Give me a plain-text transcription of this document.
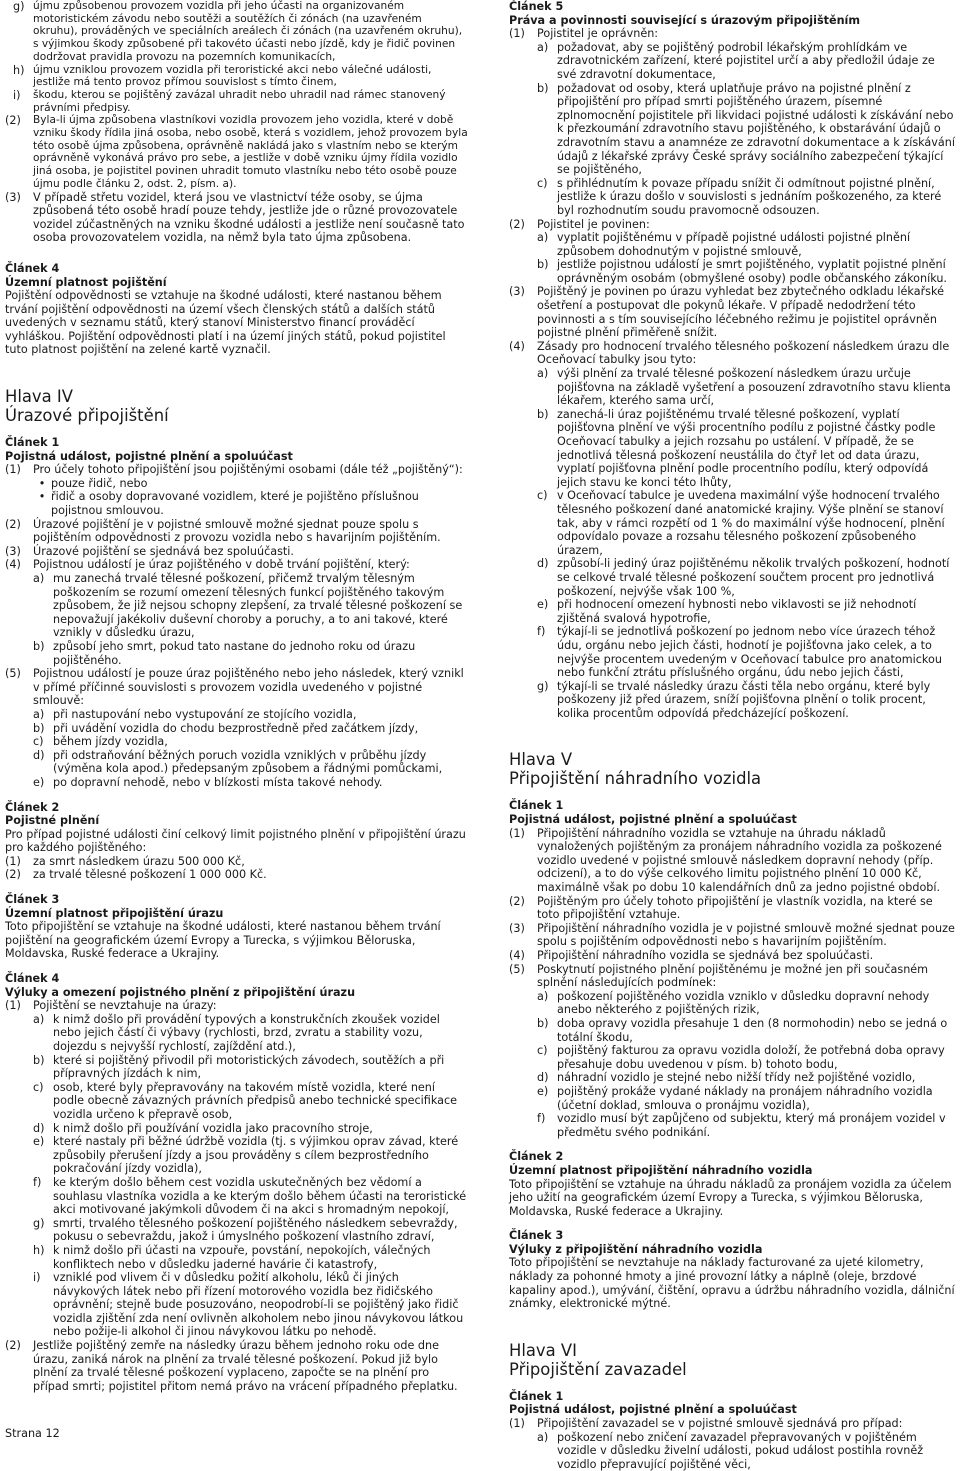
g) újmu způsobenou provozem vozidla při jeho účasti na organizovaném motoristickém závodu nebo soutěži a soutěžích či zónách (na uzavřeném okruhu), prováděných ve speciálních areálech či zónách (na uzavřeném okruhu), s výjimkou škody způsobené při takovéto účasti nebo jízdě, kdy je řidič povinen dodržovat pravidla provozu na pozemních komunikacích,
h) újmu vzniklou provozem vozidla při teroristické akci nebo válečné události, jestliže má tento provoz přímou souvislost s tímto činem,
i)	škodu, kterou se pojištěný zavázal uhradit nebo uhradil nad rámec stanovený právními předpisy.
(2)	Byla-li újma způsobena vlastníkovi vozidla provozem jeho vozidla, které v době vzniku škody řídila jiná osoba, nebo osobě, která s vozidlem, jehož provozem byla této osobě újma způsobena, oprávněně nakládá jako s vlastním nebo se kterým oprávněně vykonává právo pro sebe, a jestliže v době vzniku újmy řídila vozidlo jiná osoba, je pojistitel povinen uhradit tomuto vlastníku nebo této osobě pouze újmu podle článku 2, odst. 2, písm. a).
(3)	V případě střetu vozidel, která jsou ve vlastnictví téže osoby, se újma způsobená této osobě hradí pouze tehdy, jestliže jde o různé provozovatele vozidel zúčastněných na vzniku škodné události a jestliže není současně tato osoba provozovatelem vozidla, na němž byla tato újma způsobena.

Článek 4

Územní platnost pojištění

Pojištění odpovědnosti se vztahuje na škodné události, které nastanou během trvání pojištění odpovědnosti na území všech členských států a dalších států uvedených v seznamu států, který stanoví Ministerstvo financí prováděcí vyhláškou. Pojištění odpovědnosti platí i na území jiných států, pokud pojistitel tuto platnost pojištění na zelené kartě vyznačil.

Hlava IV
Úrazové připojištění

Článek 1

Pojistná událost, pojistné plnění a spoluúčast

(1)	Pro účely tohoto připojištění jsou pojištěnými osobami (dále též „pojištěný“):
• pouze řidič, nebo
• řidič a osoby dopravované vozidlem, které je pojištěno příslušnou pojistnou smlouvou.
(2)	Úrazové pojištění je v pojistné smlouvě možné sjednat pouze spolu s pojištěním odpovědnosti z provozu vozidla nebo s havarijním pojištěním.
(3)	Úrazové pojištění se sjednává bez spoluúčasti.
(4)	Pojistnou událostí je úraz pojištěného v době trvání pojištění, který:
a) mu zanechá trvalé tělesné poškození, přičemž trvalým tělesným poškozením se rozumí omezení tělesných funkcí pojištěného takovým způsobem, že již nejsou schopny zlepšení, za trvalé tělesné poškození se nepovažují jakékoliv duševní choroby a poruchy, a to ani takové, které vznikly v důsledku úrazu,
b) způsobí jeho smrt, pokud tato nastane do jednoho roku od úrazu pojištěného.
(5)	Pojistnou událostí je pouze úraz pojištěného nebo jeho následek, který vznikl v přímé příčinné souvislosti s provozem vozidla uvedeného v pojistné smlouvě:
a) při nastupování nebo vystupování ze stojícího vozidla,
b) při uvádění vozidla do chodu bezprostředně před začátkem jízdy,
c) během jízdy vozidla,
d) při odstraňování běžných poruch vozidla vzniklých v průběhu jízdy (výměna kola apod.) předepsaným způsobem a řádnými pomůckami,
e) po dopravní nehodě, nebo v blízkosti místa takové nehody.

Článek 2

Pojistné plnění

Pro případ pojistné události činí celkový limit pojistného plnění v připojištění úrazu pro každého pojištěného:

(1)	za smrt následkem úrazu 500 000 Kč,
(2)	za trvalé tělesné poškození 1 000 000 Kč.

Článek 3

Územní platnost připojištění úrazu

Toto připojištění se vztahuje na škodné události, které nastanou během trvání pojištění na geografickém území Evropy a Turecka, s výjimkou Běloruska, Moldavska, Ruské federace a Ukrajiny.

Článek 4

Výluky a omezení pojistného plnění z připojištění úrazu

(1)	Pojištění se nevztahuje na úrazy:
a) k nimž došlo při provádění typových a konstrukčních zkoušek vozidel nebo jejich částí či výbavy (rychlosti, brzd, zvratu a stability vozu, dojezdu s nejvyšší rychlostí, zajíždění atd.),
b) které si pojištěný přivodil při motoristických závodech, soutěžích a při přípravných jízdách k nim,
c) osob, které byly přepravovány na takovém místě vozidla, které není podle obecně závazných právních předpisů anebo technické specifikace vozidla určeno k přepravě osob,
d) k nimž došlo při používání vozidla jako pracovního stroje,
e) které nastaly při běžné údržbě vozidla (tj. s výjimkou oprav závad, které způsobily přerušení jízdy a jsou prováděny s cílem bezprostředního pokračování jízdy vozidla),
f)	ke kterým došlo během cest vozidla uskutečněných bez vědomí a souhlasu vlastníka vozidla a ke kterým došlo během účasti na teroristické akci motivované jakýmkoli důvodem či na akci s hromadným nepokojí,
g) smrti, trvalého tělesného poškození pojištěného následkem sebevraždy, pokusu o sebevraždu, jakož i úmyslného poškození vlastního zdraví,
h) k nimž došlo při účasti na vzpouře, povstání, nepokojích, válečných konfliktech nebo v důsledku jaderné havárie či katastrofy,
i)	vzniklé pod vlivem či v důsledku požití alkoholu, léků či jiných návykových látek nebo při řízení motorového vozidla bez řidičského oprávnění; stejně bude posuzováno, neopodrobí-li se pojištěný jako řidič vozidla zjištění zda není ovlivněn alkoholem nebo jinou návykovou látkou nebo požije-li alkohol či jinou návykovou látku po nehodě.
(2)	Jestliže pojištěný zemře na následky úrazu během jednoho roku ode dne úrazu, zaniká nárok na plnění za trvalé tělesné poškození. Pokud již bylo plnění za trvalé tělesné poškození vyplaceno, započte se na plnění pro případ smrti; pojistitel přitom nemá právo na vrácení případného přeplatku.

Článek 5

Práva a povinnosti související s úrazovým připojištěním

(1)	Pojistitel je oprávněn:
a) požadovat, aby se pojištěný podrobil lékařským prohlídkám ve zdravotnickém zařízení, které pojistitel určí a aby předložil údaje ze své zdravotní dokumentace,
b) požadovat od osoby, která uplatňuje právo na pojistné plnění z připojištění pro případ smrti pojištěného úrazem, písemné zplnomocnění pojistitele při likvidaci pojistné události k získávání nebo k přezkoumání zdravotního stavu pojištěného, k obstarávání údajů o zdravotním stavu a anamnéze ze zdravotní dokumentace a k získávání údajů z lékařské zprávy České správy sociálního zabezpečení týkající se pojištěného,
c) s přihlédnutím k povaze případu snížit či odmítnout pojistné plnění, jestliže k úrazu došlo v souvislosti s jednáním poškozeného, za které byl rozhodnutím soudu pravomocně odsouzen.
(2)	Pojistitel je povinen:
a) vyplatit pojištěnému v případě pojistné události pojistné plnění způsobem dohodnutým v pojistné smlouvě,
b) jestliže pojistnou událostí je smrt pojištěného, vyplatit pojistné plnění oprávněným osobám (obmyšlené osoby) podle občanského zákoníku.
(3)	Pojištěný je povinen po úrazu vyhledat bez zbytečného odkladu lékařské ošetření a postupovat dle pokynů lékaře. V případě nedodržení této povinnosti a s tím souvisejícího léčebného režimu je pojistitel oprávněn pojistné plnění přiměřeně snížit.
(4)	Zásady pro hodnocení trvalého tělesného poškození následkem úrazu dle Oceňovací tabulky jsou tyto:
a) výši plnění za trvalé tělesné poškození následkem úrazu určuje pojišťovna na základě vyšetření a posouzení zdravotního stavu klienta lékařem, kterého sama určí,
b) zanechá-li úraz pojištěnému trvalé tělesné poškození, vyplatí pojišťovna plnění ve výši procentního podílu z pojistné částky podle Oceňovací tabulky a jejich rozsahu po ustálení. V případě, že se jednotlivá tělesná poškození neustálila do čtyř let od data úrazu, vyplatí pojišťovna plnění podle procentního podílu, který odpovídá jejich stavu ke konci této lhůty,
c) v Oceňovací tabulce je uvedena maximální výše hodnocení trvalého tělesného poškození dané anatomické krajiny. Výše plnění se stanoví tak, aby v rámci rozpětí od 1 % do maximální výše hodnocení, plnění odpovídalo povaze a rozsahu tělesného poškození způsobeného úrazem,
d) způsobí-li jediný úraz pojištěnému několik trvalých poškození, hodnotí se celkové trvalé tělesné poškození součtem procent pro jednotlivá poškození, nejvýše však 100 %,
e) při hodnocení omezení hybnosti nebo viklavosti se již nehodnotí zjištěná svalová hypotrofie,
f)	týkají-li se jednotlivá poškození po jednom nebo více úrazech téhož údu, orgánu nebo jejich části, hodnotí je pojišťovna jako celek, a to nejvýše procentem uvedeným v Oceňovací tabulce pro anatomickou nebo funkční ztrátu příslušného orgánu, údu nebo jejich části,
g) týkají-li se trvalé následky úrazu části těla nebo orgánu, které byly poškozeny již před úrazem, sníží pojišťovna plnění o tolik procent, kolika procentům odpovídá předcházející poškození.
Hlava V
Připojištění náhradního vozidla

Článek 1

Pojistná událost, pojistné plnění a spoluúčast

(1)	Připojištění náhradního vozidla se vztahuje na úhradu nákladů vynaložených pojištěným za pronájem náhradního vozidla za poškozené vozidlo uvedené v pojistné smlouvě následkem dopravní nehody (příp. odcizení), a to do výše celkového limitu pojistného plnění 10 000 Kč, maximálně však po dobu 10 kalendářních dnů za jedno pojistné období.
(2)	Pojištěným pro účely tohoto připojištění je vlastník vozidla, na které se toto připojištění vztahuje.
(3)	Připojištění náhradního vozidla je v pojistné smlouvě možné sjednat pouze spolu s pojištěním odpovědnosti nebo s havarijním pojištěním.
(4)	Připojištění náhradního vozidla se sjednává bez spoluúčasti.
(5)	Poskytnutí pojistného plnění pojištěnému je možné jen při současném splnění následujících podmínek:
a) poškození pojištěného vozidla vzniklo v důsledku dopravní nehody anebo některého z pojištěných rizik,
b) doba opravy vozidla přesahuje 1 den (8 normohodin) nebo se jedná o totální škodu,
c) pojištěný fakturou za opravu vozidla doloží, že potřebná doba opravy přesahuje dobu uvedenou v písm. b) tohoto bodu,
d) náhradní vozidlo je stejné nebo nižší třídy než pojištěné vozidlo,
e) pojištěný prokáže vydané náklady na pronájem náhradního vozidla (účetní doklad, smlouva o pronájmu vozidla),
f)	vozidlo musí být zapůjčeno od subjektu, který má pronájem vozidel v předmětu svého podnikání.

Článek 2

Územní platnost připojištění náhradního vozidla

Toto připojištění se vztahuje na úhradu nákladů za pronájem vozidla za účelem jeho užití na geografickém území Evropy a Turecka, s výjimkou Běloruska, Moldavska, Ruské federace a Ukrajiny.

Článek 3

Výluky z připojištění náhradního vozidla

Toto připojištění se nevztahuje na náklady facturované za ujeté kilometry, náklady za pohonné hmoty a jiné provozní látky a náplně (oleje, brzdové kapaliny apod.), umývání, čištění, opravu a údržbu náhradního vozidla, dálniční známky, elektronické mýtné.

Hlava VI
Připojištění zavazadel

Článek 1

Pojistná událost, pojistné plnění a spoluúčast

(1)	Připojištění zavazadel se v pojistné smlouvě sjednává pro případ:
a) poškození nebo zničení zavazadel přepravovaných v pojištěném vozidle v důsledku živelní události, pokud událost postihla rovněž vozidlo přepravující pojištěné věci,
Strana 12
